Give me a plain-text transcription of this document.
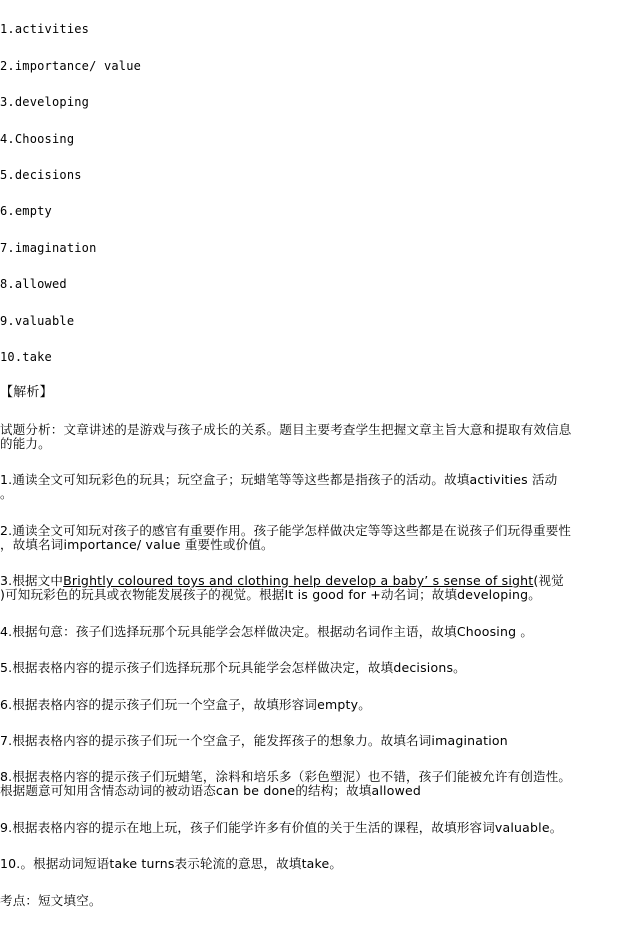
1.activities
2.importance/ value
3.developing
4.Choosing
5.decisions
6.empty
7.imagination
8.allowed
9.valuable
10.take
【解析】
试题分析：文章讲述的是游戏与孩子成长的关系。题目主要考查学生把握文章主旨大意和提取有效信息
的能力。
1.通读全文可知玩彩色的玩具；玩空盒子；玩蜡笔等等这些都是指孩子的活动。故填activities 活动
。
2.通读全文可知玩对孩子的感官有重要作用。孩子能学怎样做决定等等这些都是在说孩子们玩得重要性
，故填名词importance/ value 重要性或价值。
3.根据文中Brightly coloured toys and clothing help develop a baby’ s sense of sight(视觉
)可知玩彩色的玩具或衣物能发展孩子的视觉。根据It is good for +动名词；故填developing。
4.根据句意：孩子们选择玩那个玩具能学会怎样做决定。根据动名词作主语，故填Choosing 。
5.根据表格内容的提示孩子们选择玩那个玩具能学会怎样做决定，故填decisions。
6.根据表格内容的提示孩子们玩一个空盒子，故填形容词empty。
7.根据表格内容的提示孩子们玩一个空盒子，能发挥孩子的想象力。故填名词imagination
8.根据表格内容的提示孩子们玩蜡笔，涂料和培乐多（彩色塑泥）也不错，孩子们能被允许有创造性。
根据题意可知用含情态动词的被动语态can be done的结构；故填allowed
9.根据表格内容的提示在地上玩，孩子们能学许多有价值的关于生活的课程，故填形容词valuable。
10.。根据动词短语take turns表示轮流的意思，故填take。
考点：短文填空。
